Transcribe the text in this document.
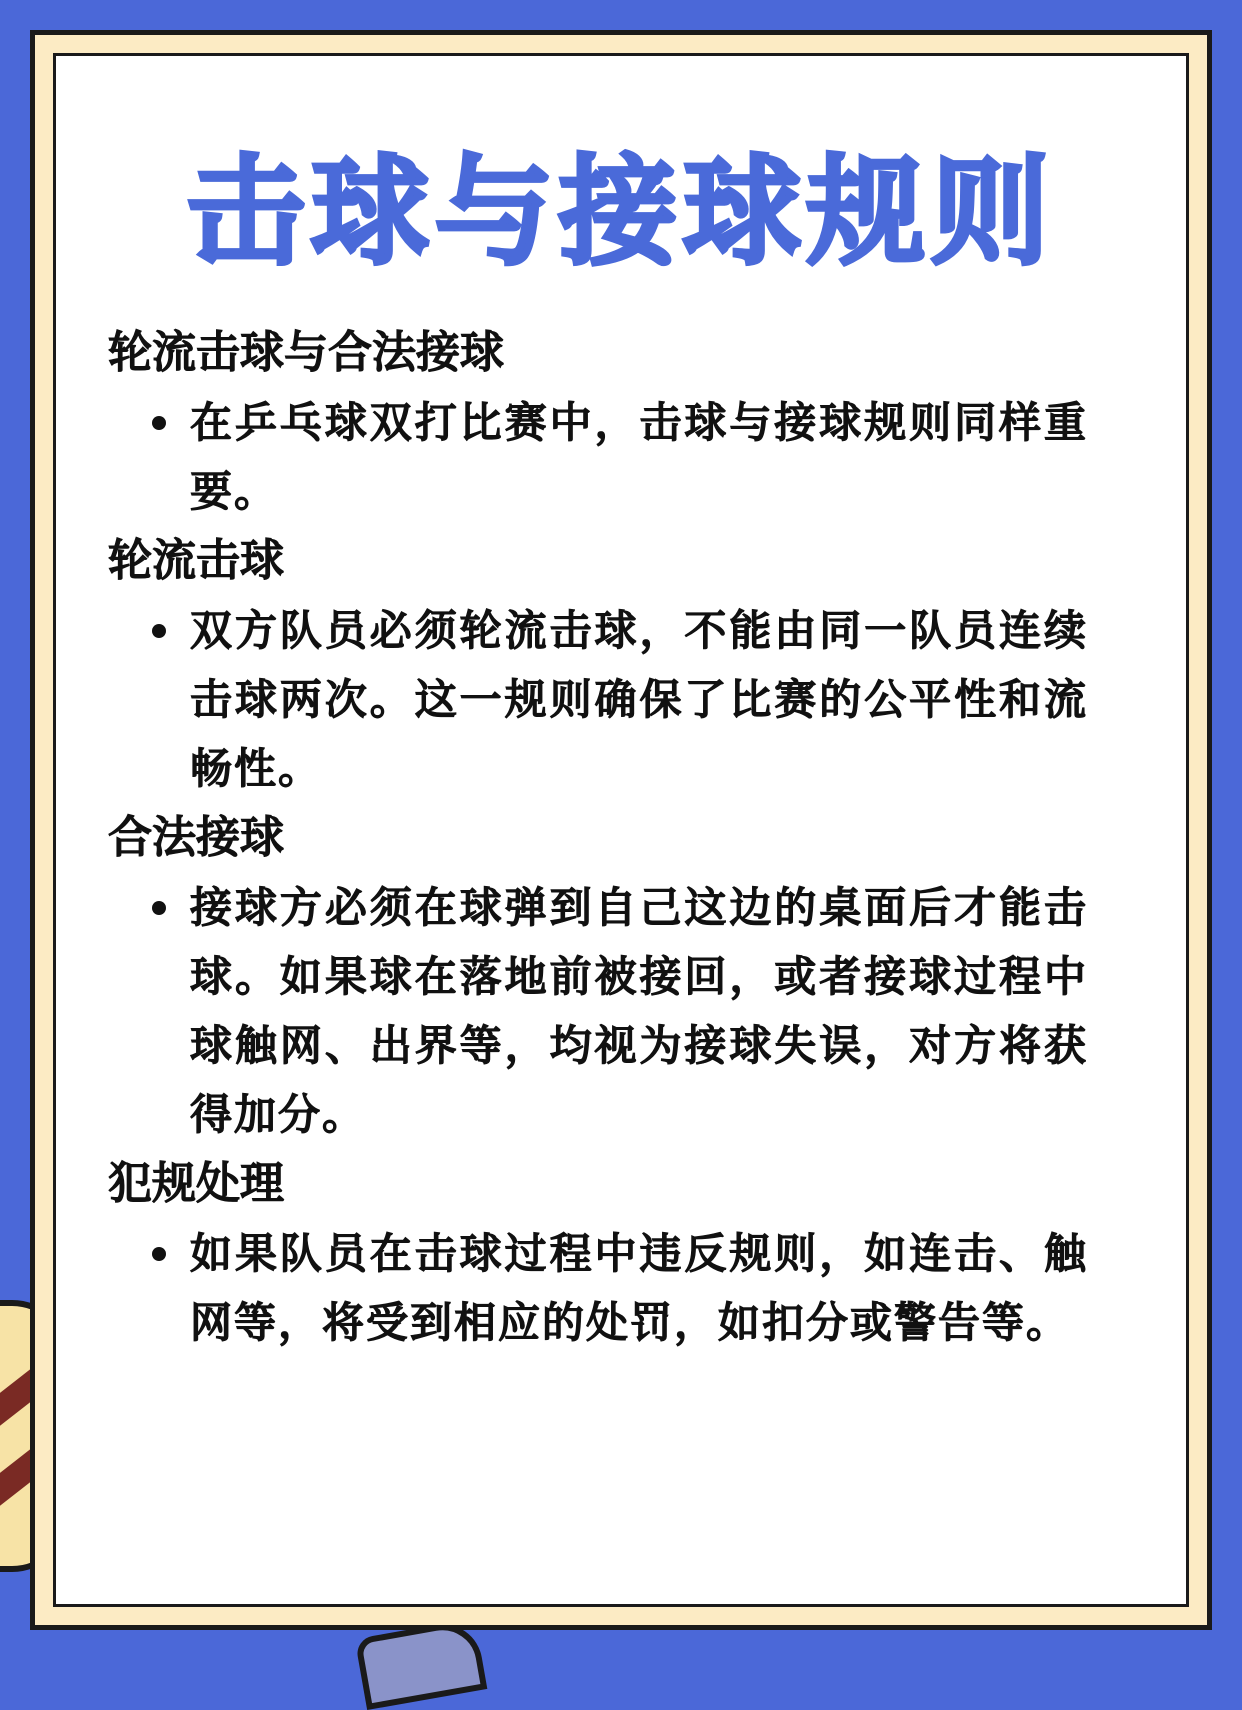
击球与接球规则
轮流击球与合法接球
在乒乓球双打比赛中，击球与接球规则同样重要。
轮流击球
双方队员必须轮流击球，不能由同一队员连续击球两次。这一规则确保了比赛的公平性和流畅性。
合法接球
接球方必须在球弹到自己这边的桌面后才能击球。如果球在落地前被接回，或者接球过程中球触网、出界等，均视为接球失误，对方将获得加分。
犯规处理
如果队员在击球过程中违反规则，如连击、触网等，将受到相应的处罚，如扣分或警告等。
